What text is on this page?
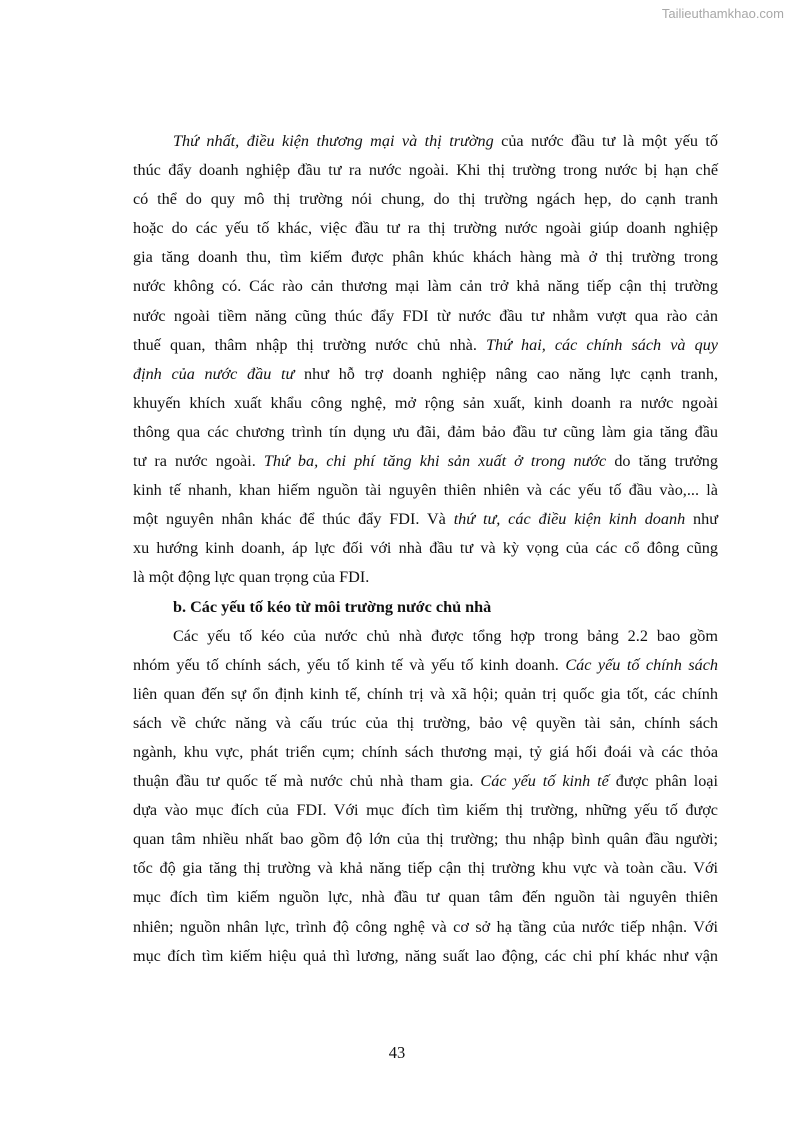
Tailieuthamkhao.com
Thứ nhất, điều kiện thương mại và thị trường của nước đầu tư là một yếu tố
thúc đẩy doanh nghiệp đầu tư ra nước ngoài. Khi thị trường trong nước bị hạn chế
có thể do quy mô thị trường nói chung, do thị trường ngách hẹp, do cạnh tranh
hoặc do các yếu tố khác, việc đầu tư ra thị trường nước ngoài giúp doanh nghiệp
gia tăng doanh thu, tìm kiếm được phân khúc khách hàng mà ở thị trường trong
nước không có. Các rào cản thương mại làm cản trở khả năng tiếp cận thị trường
nước ngoài tiềm năng cũng thúc đẩy FDI từ nước đầu tư nhằm vượt qua rào cản
thuế quan, thâm nhập thị trường nước chủ nhà. Thứ hai, các chính sách và quy
định của nước đầu tư như hỗ trợ doanh nghiệp nâng cao năng lực cạnh tranh,
khuyến khích xuất khẩu công nghệ, mở rộng sản xuất, kinh doanh ra nước ngoài
thông qua các chương trình tín dụng ưu đãi, đảm bảo đầu tư cũng làm gia tăng đầu
tư ra nước ngoài. Thứ ba, chi phí tăng khi sản xuất ở trong nước do tăng trưởng
kinh tế nhanh, khan hiếm nguồn tài nguyên thiên nhiên và các yếu tố đầu vào,... là
một nguyên nhân khác để thúc đẩy FDI. Và thứ tư, các điều kiện kinh doanh như
xu hướng kinh doanh, áp lực đối với nhà đầu tư và kỳ vọng của các cổ đông cũng
là một động lực quan trọng của FDI.
b. Các yếu tố kéo từ môi trường nước chủ nhà
Các yếu tố kéo của nước chủ nhà được tổng hợp trong bảng 2.2 bao gồm
nhóm yếu tố chính sách, yếu tố kinh tế và yếu tố kinh doanh. Các yếu tố chính sách
liên quan đến sự ổn định kinh tế, chính trị và xã hội; quản trị quốc gia tốt, các chính
sách về chức năng và cấu trúc của thị trường, bảo vệ quyền tài sản, chính sách
ngành, khu vực, phát triển cụm; chính sách thương mại, tỷ giá hối đoái và các thỏa
thuận đầu tư quốc tế mà nước chủ nhà tham gia. Các yếu tố kinh tế được phân loại
dựa vào mục đích của FDI. Với mục đích tìm kiếm thị trường, những yếu tố được
quan tâm nhiều nhất bao gồm độ lớn của thị trường; thu nhập bình quân đầu người;
tốc độ gia tăng thị trường và khả năng tiếp cận thị trường khu vực và toàn cầu. Với
mục đích tìm kiếm nguồn lực, nhà đầu tư quan tâm đến nguồn tài nguyên thiên
nhiên; nguồn nhân lực, trình độ công nghệ và cơ sở hạ tầng của nước tiếp nhận. Với
mục đích tìm kiếm hiệu quả thì lương, năng suất lao động, các chi phí khác như vận
43
